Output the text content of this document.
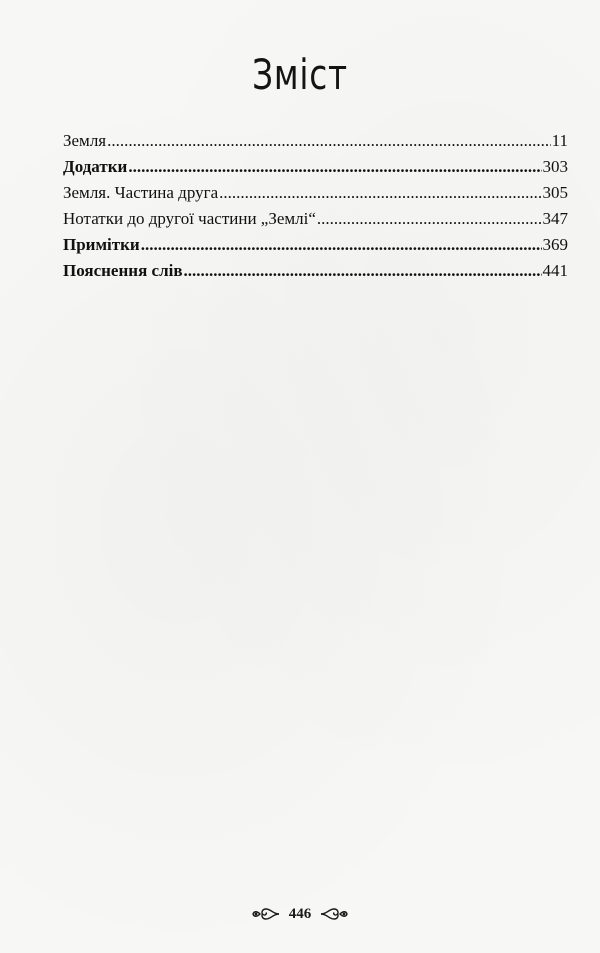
Зміст
Земля .....	11
Додатки .....	303
Земля. Частина друга .....	305
Нотатки до другої частини „Землі“ .....	347
Примітки .....	369
Пояснення слів .....	441
446
